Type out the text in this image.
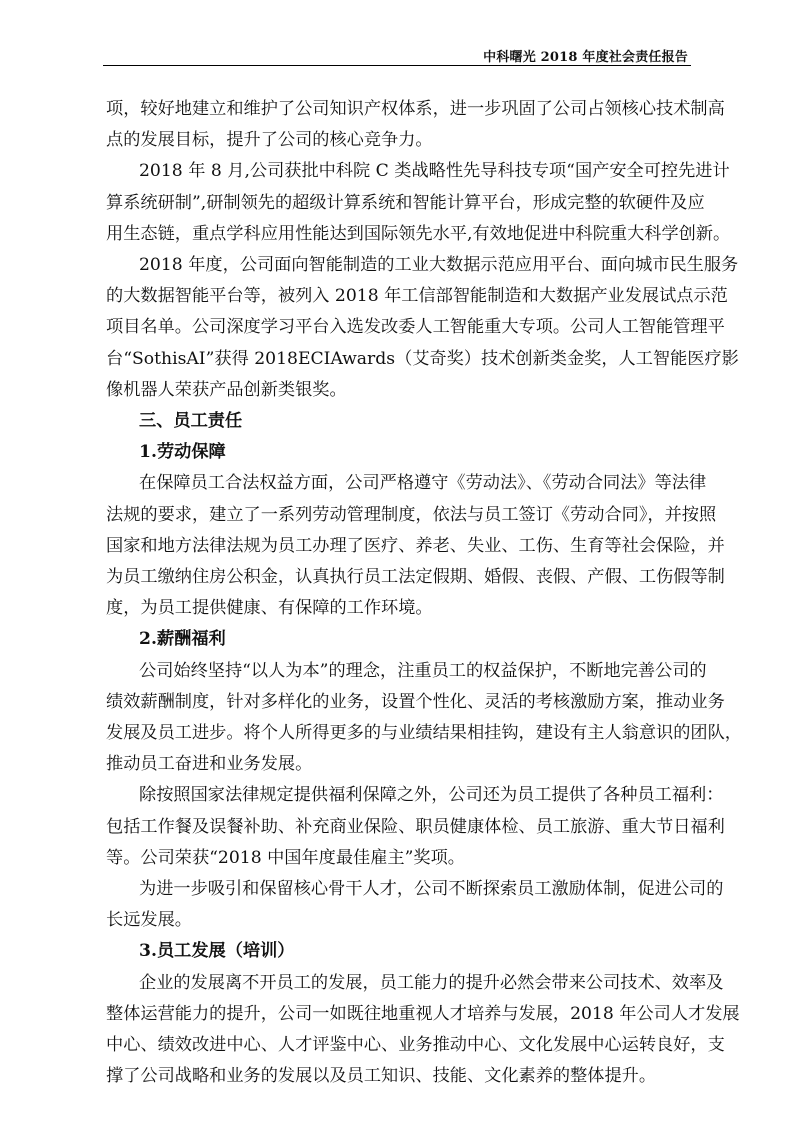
中科曙光 2018 年度社会责任报告
项，较好地建立和维护了公司知识产权体系，进一步巩固了公司占领核心技术制高
点的发展目标，提升了公司的核心竞争力。
2018 年 8 月,公司获批中科院 C 类战略性先导科技专项“国产安全可控先进计
算系统研制”,研制领先的超级计算系统和智能计算平台，形成完整的软硬件及应
用生态链，重点学科应用性能达到国际领先水平,有效地促进中科院重大科学创新。
2018 年度，公司面向智能制造的工业大数据示范应用平台、面向城市民生服务
的大数据智能平台等，被列入 2018 年工信部智能制造和大数据产业发展试点示范
项目名单。公司深度学习平台入选发改委人工智能重大专项。公司人工智能管理平
台“SothisAI”获得 2018ECIAwards（艾奇奖）技术创新类金奖，人工智能医疗影
像机器人荣获产品创新类银奖。
三、员工责任
1.劳动保障
在保障员工合法权益方面，公司严格遵守《劳动法》、《劳动合同法》等法律
法规的要求，建立了一系列劳动管理制度，依法与员工签订《劳动合同》，并按照
国家和地方法律法规为员工办理了医疗、养老、失业、工伤、生育等社会保险，并
为员工缴纳住房公积金，认真执行员工法定假期、婚假、丧假、产假、工伤假等制
度，为员工提供健康、有保障的工作环境。
2.薪酬福利
公司始终坚持“以人为本”的理念，注重员工的权益保护，不断地完善公司的
绩效薪酬制度，针对多样化的业务，设置个性化、灵活的考核激励方案，推动业务
发展及员工进步。将个人所得更多的与业绩结果相挂钩，建设有主人翁意识的团队，
推动员工奋进和业务发展。
除按照国家法律规定提供福利保障之外，公司还为员工提供了各种员工福利：
包括工作餐及误餐补助、补充商业保险、职员健康体检、员工旅游、重大节日福利
等。公司荣获“2018 中国年度最佳雇主”奖项。
为进一步吸引和保留核心骨干人才，公司不断探索员工激励体制，促进公司的
长远发展。
3.员工发展（培训）
企业的发展离不开员工的发展，员工能力的提升必然会带来公司技术、效率及
整体运营能力的提升，公司一如既往地重视人才培养与发展，2018 年公司人才发展
中心、绩效改进中心、人才评鉴中心、业务推动中心、文化发展中心运转良好，支
撑了公司战略和业务的发展以及员工知识、技能、文化素养的整体提升。
